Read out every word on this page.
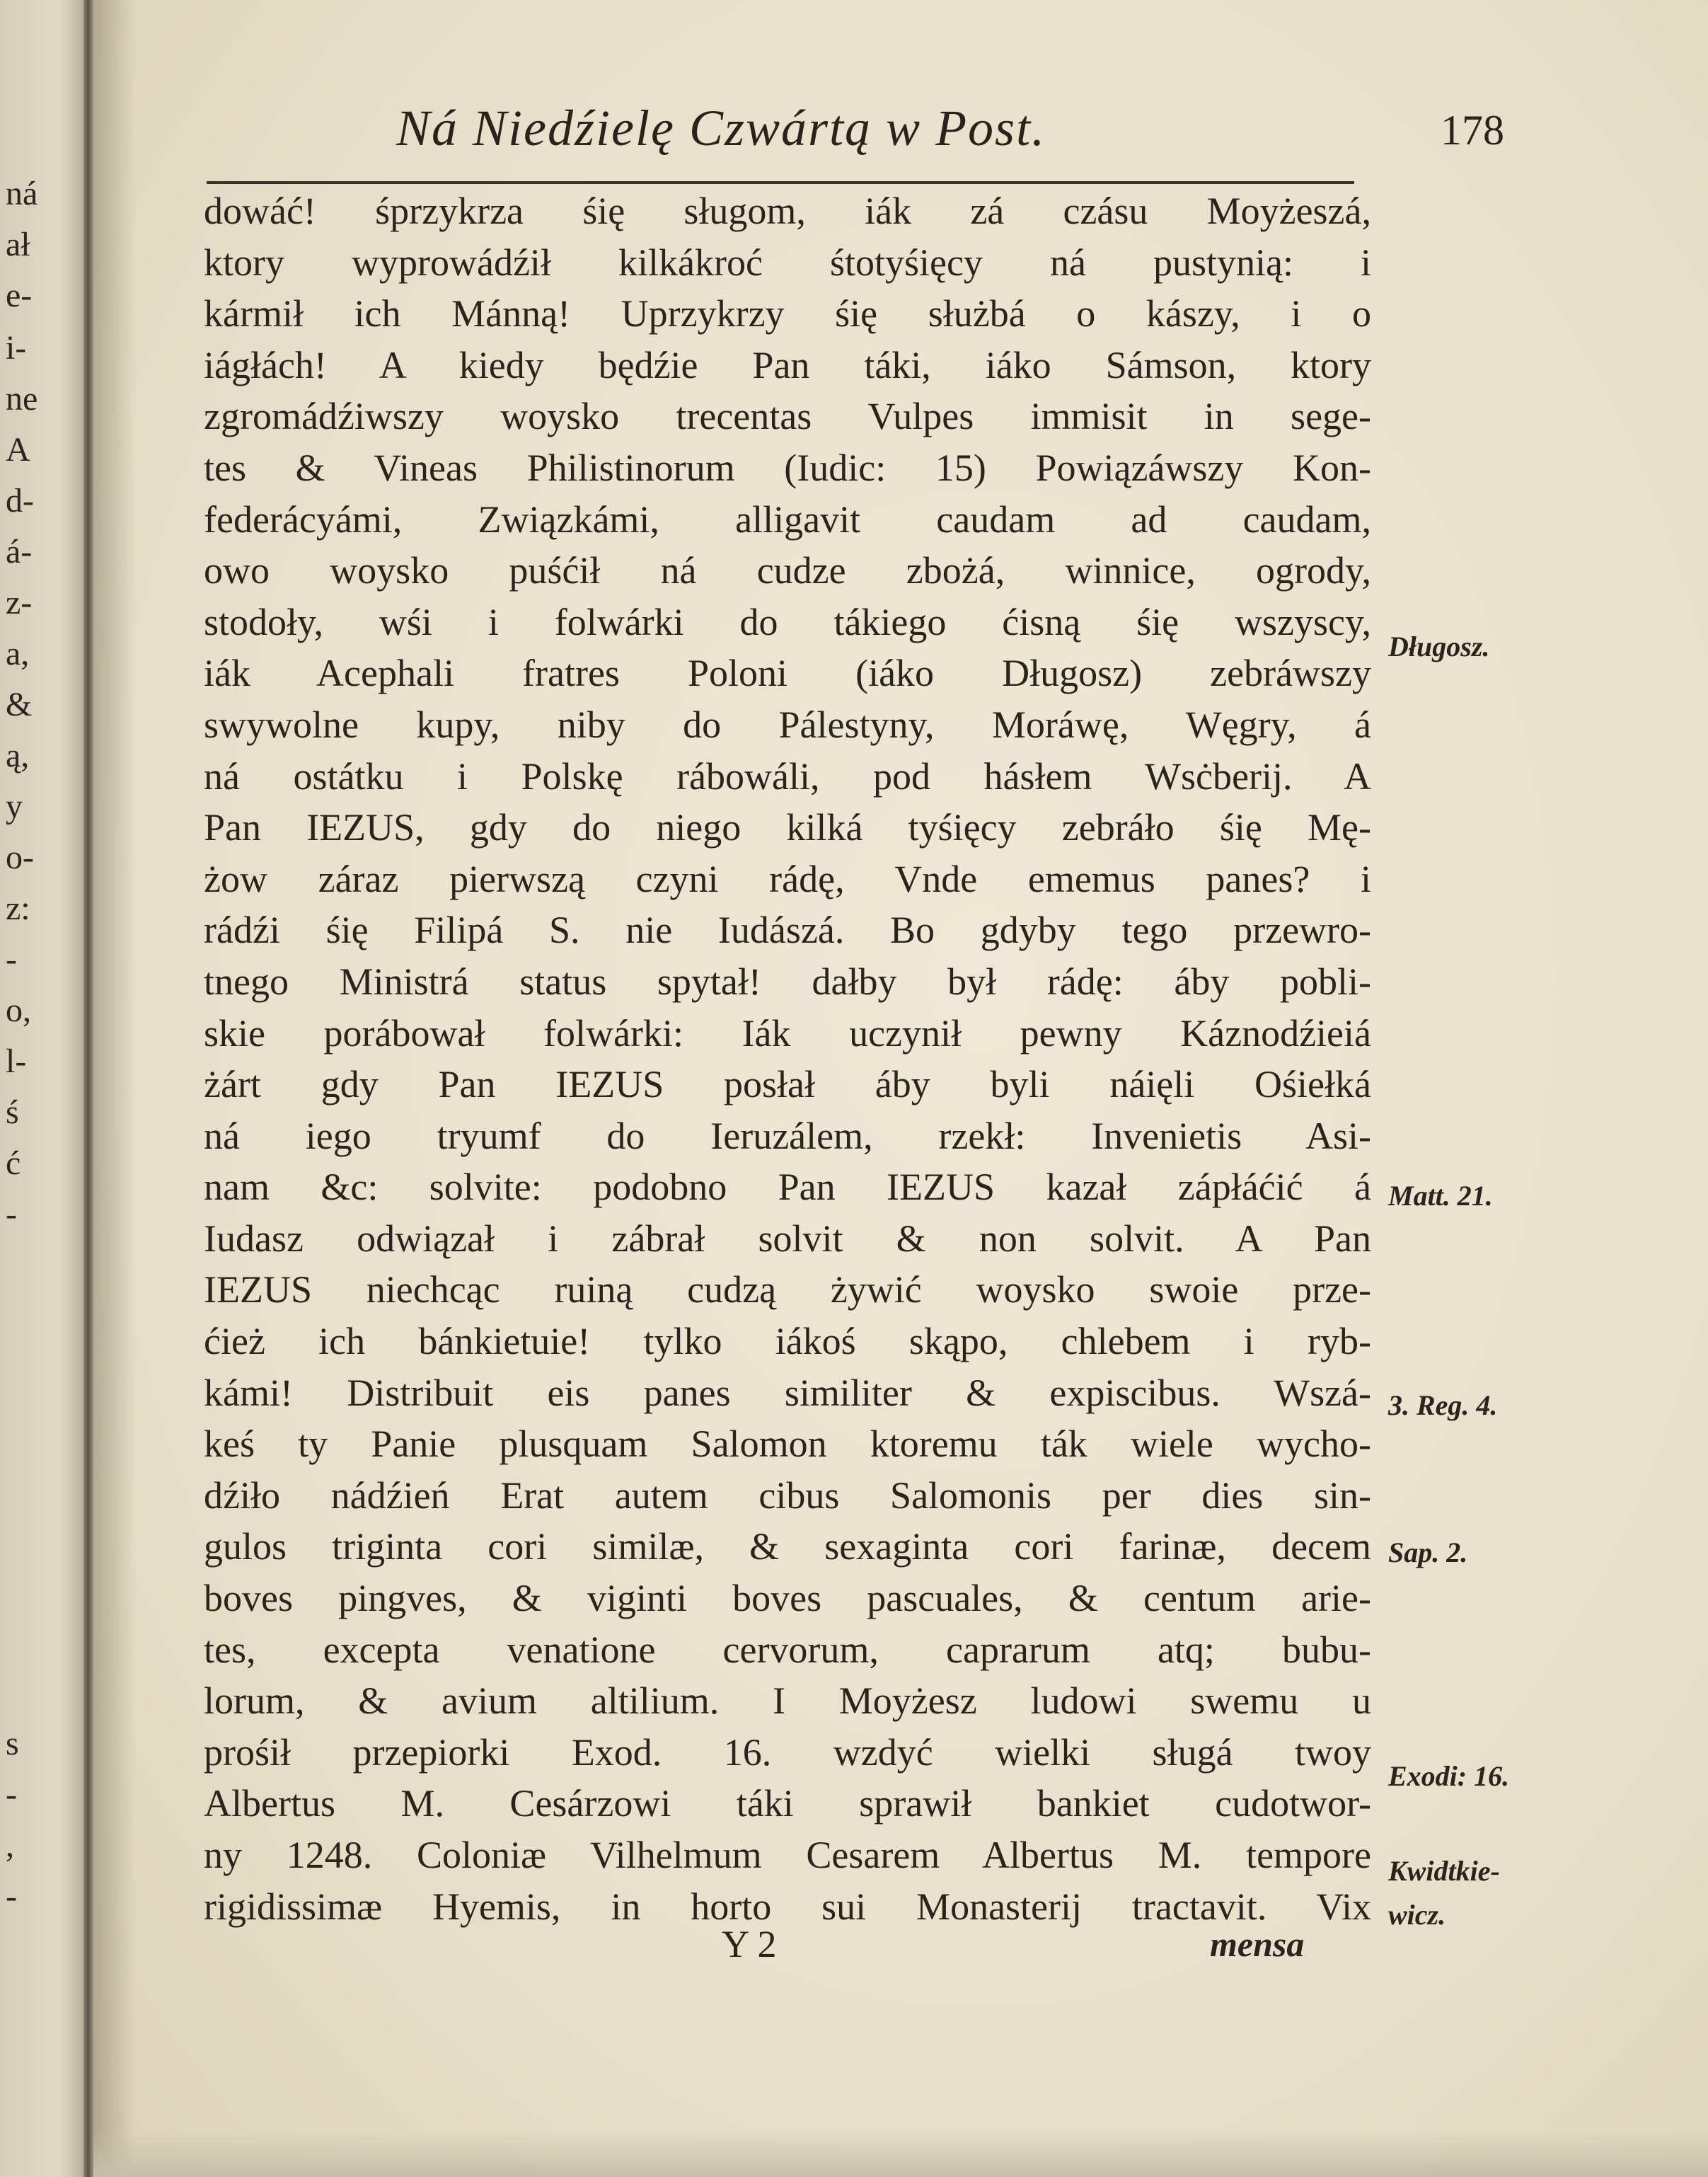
ná
ał
e-
i-
ne
A
d-
á-
z-
a,
&
ą,
y
o-
z:
-
o,
l-
ś
ć
-
s
-
,
-
Ná Niedźielę Czwártą w Post.	178
dowáć! śprzykrza śię sługom, iák zá czásu Moyżeszá,
ktory wyprowádźił kilkákroć śtotyśięcy ná pustynią: i
kármił ich Mánną! Uprzykrzy śię służbá o kászy, i o
iágłách! A kiedy będźie Pan táki, iáko Sámson, ktory
zgromádźiwszy woysko trecentas Vulpes immisit in sege-
tes & Vineas Philistinorum (Iudic: 15) Powiązáwszy Kon-
federácyámi, Związkámi, alligavit caudam ad caudam,
owo woysko puśćił ná cudze zbożá, winnice, ogrody,
stodoły, wśi i folwárki do tákiego ćisną śię wszyscy,
iák Acephali fratres Poloni (iáko Długosz) zebráwszy
swywolne kupy, niby do Pálestyny, Moráwę, Węgry, á
ná ostátku i Polskę rábowáli, pod hásłem Wsċberij. A
Pan IEZUS, gdy do niego kilká tyśięcy zebráło śię Mę-
żow záraz pierwszą czyni rádę, Vnde ememus panes? i
rádźi śię Filipá S. nie Iudászá. Bo gdyby tego przewro-
tnego Ministrá status spytał! dałby był rádę: áby pobli-
skie porábował folwárki: Iák uczynił pewny Káznodźieiá
żárt gdy Pan IEZUS posłał áby byli náięli Ośiełká
ná iego tryumf do Ieruzálem, rzekł: Invenietis Asi-
nam &c: solvite: podobno Pan IEZUS kazał zápłáćić á
Iudasz odwiązał i zábrał solvit & non solvit. A Pan
IEZUS niechcąc ruiną cudzą żywić woysko swoie prze-
ćież ich bánkietuie! tylko iákoś skąpo, chlebem i ryb-
kámi! Distribuit eis panes similiter & expiscibus. Wszá-
keś ty Panie plusquam Salomon ktoremu ták wiele wycho-
dźiło nádźień Erat autem cibus Salomonis per dies sin-
gulos triginta cori similæ, & sexaginta cori farinæ, decem
boves pingves, & viginti boves pascuales, & centum arie-
tes, excepta venatione cervorum, caprarum atq; bubu-
lorum, & avium altilium. I Moyżesz ludowi swemu u
prośił przepiorki Exod. 16. wzdyć wielki sługá twoy
Albertus M. Cesárzowi táki sprawił bankiet cudotwor-
ny 1248. Coloniæ Vilhelmum Cesarem Albertus M. tempore
rigidissimæ Hyemis, in horto sui Monasterij tractavit. Vix
Długosz.
Matt. 21.
3. Reg. 4.
Sap. 2.
Exodi: 16.
Kwidtkie-
wicz.
Y 2	mensa
